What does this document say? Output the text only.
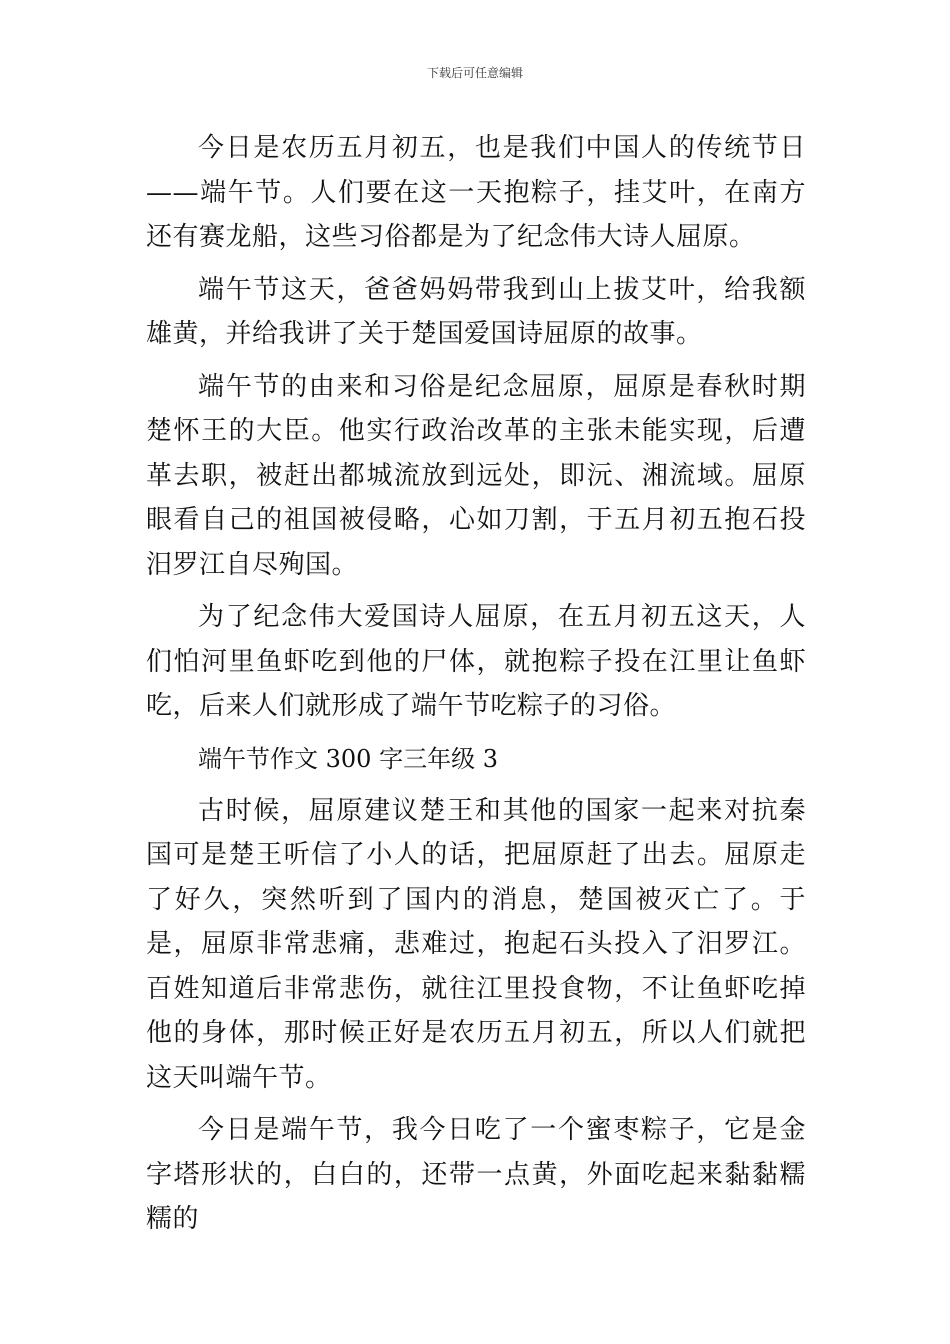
下载后可任意编辑

今日是农历五月初五，也是我们中国人的传统节日——端午节。人们要在这一天抱粽子，挂艾叶，在南方还有赛龙船，这些习俗都是为了纪念伟大诗人屈原。

端午节这天，爸爸妈妈带我到山上拔艾叶，给我额雄黄，并给我讲了关于楚国爱国诗屈原的故事。

端午节的由来和习俗是纪念屈原，屈原是春秋时期楚怀王的大臣。他实行政治改革的主张未能实现，后遭革去职，被赶出都城流放到远处，即沅、湘流域。屈原眼看自己的祖国被侵略，心如刀割，于五月初五抱石投汨罗江自尽殉国。

为了纪念伟大爱国诗人屈原，在五月初五这天，人们怕河里鱼虾吃到他的尸体，就抱粽子投在江里让鱼虾吃，后来人们就形成了端午节吃粽子的习俗。

端午节作文 300 字三年级 3

古时候，屈原建议楚王和其他的国家一起来对抗秦国可是楚王听信了小人的话，把屈原赶了出去。屈原走了好久，突然听到了国内的消息，楚国被灭亡了。于是，屈原非常悲痛，悲难过，抱起石头投入了汨罗江。百姓知道后非常悲伤，就往江里投食物，不让鱼虾吃掉他的身体，那时候正好是农历五月初五，所以人们就把这天叫端午节。

今日是端午节，我今日吃了一个蜜枣粽子，它是金字塔形状的，白白的，还带一点黄，外面吃起来黏黏糯糯的
